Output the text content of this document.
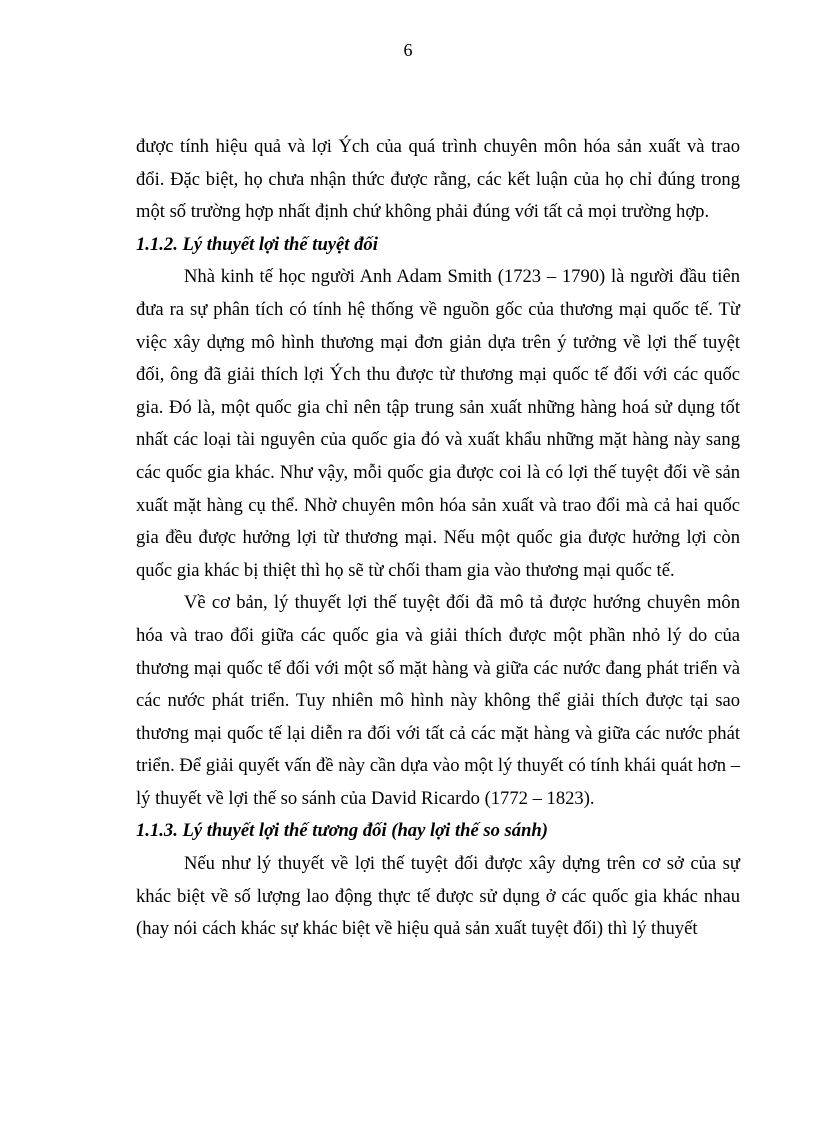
6

được tính hiệu quả và lợi Ých của quá trình chuyên môn hóa sản xuất và trao đổi. Đặc biệt, họ chưa nhận thức được rằng, các kết luận của họ chỉ đúng trong một số trường hợp nhất định chứ không phải đúng với tất cả mọi trường hợp.

1.1.2. Lý thuyết lợi thế tuyệt đối

Nhà kinh tế học người Anh Adam Smith (1723 – 1790) là người đầu tiên đưa ra sự phân tích có tính hệ thống về nguồn gốc của thương mại quốc tế. Từ việc xây dựng mô hình thương mại đơn giản dựa trên ý tưởng về lợi thế tuyệt đối, ông đã giải thích lợi Ých thu được từ thương mại quốc tế đối với các quốc gia. Đó là, một quốc gia chỉ nên tập trung sản xuất những hàng hoá sử dụng tốt nhất các loại tài nguyên của quốc gia đó và xuất khẩu những mặt hàng này sang các quốc gia khác. Như vậy, mỗi quốc gia được coi là có lợi thế tuyệt đối về sản xuất mặt hàng cụ thể. Nhờ chuyên môn hóa sản xuất và trao đổi mà cả hai quốc gia đều được hưởng lợi từ thương mại. Nếu một quốc gia được hưởng lợi còn quốc gia khác bị thiệt thì họ sẽ từ chối tham gia vào thương mại quốc tế.

Về cơ bản, lý thuyết lợi thế tuyệt đối đã mô tả được hướng chuyên môn hóa và trao đổi giữa các quốc gia và giải thích được một phần nhỏ lý do của thương mại quốc tế đối với một số mặt hàng và giữa các nước đang phát triển và các nước phát triển. Tuy nhiên mô hình này không thể giải thích được tại sao thương mại quốc tế lại diễn ra đối với tất cả các mặt hàng và giữa các nước phát triển. Để giải quyết vấn đề này cần dựa vào một lý thuyết có tính khái quát hơn – lý thuyết về lợi thế so sánh của David Ricardo (1772 – 1823).

1.1.3. Lý thuyết lợi thế tương đối (hay lợi thế so sánh)

Nếu như lý thuyết về lợi thế tuyệt đối được xây dựng trên cơ sở của sự khác biệt về số lượng lao động thực tế được sử dụng ở các quốc gia khác nhau (hay nói cách khác sự khác biệt về hiệu quả sản xuất tuyệt đối) thì lý thuyết
